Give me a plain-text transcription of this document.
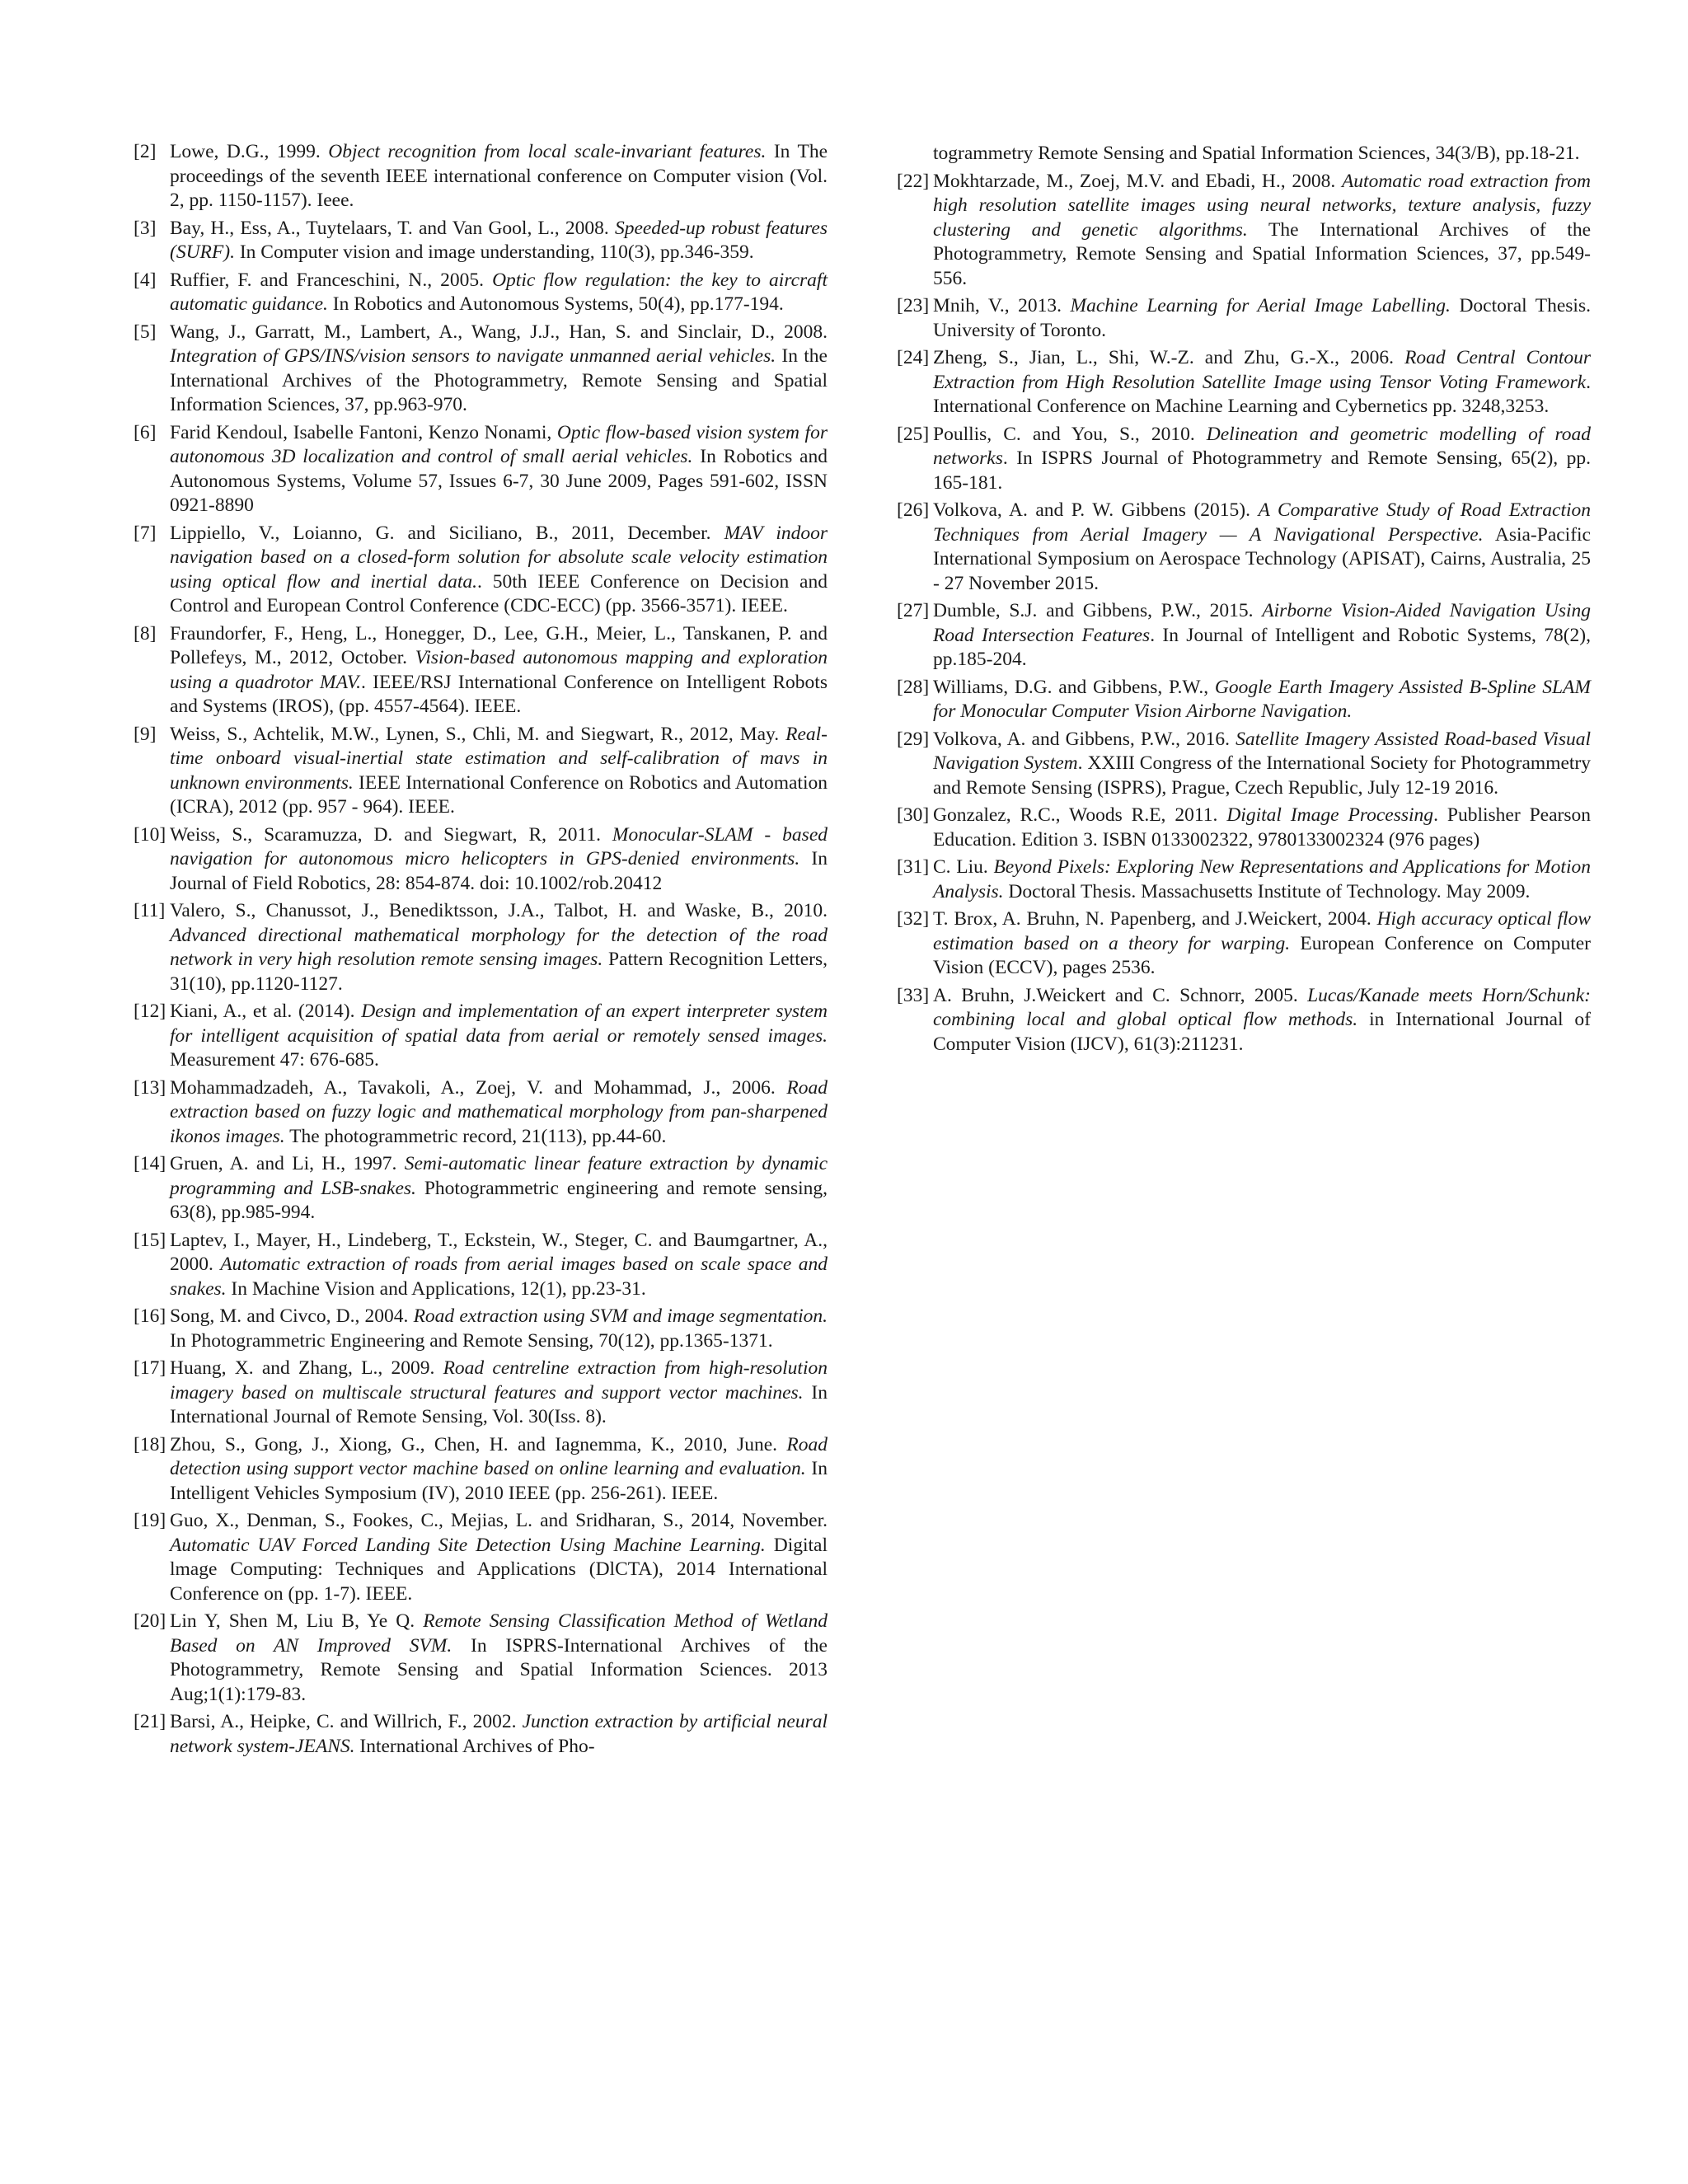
[2] Lowe, D.G., 1999. Object recognition from local scale-invariant features. In The proceedings of the seventh IEEE international conference on Computer vision (Vol. 2, pp. 1150-1157). Ieee.
[3] Bay, H., Ess, A., Tuytelaars, T. and Van Gool, L., 2008. Speeded-up robust features (SURF). In Computer vision and image understanding, 110(3), pp.346-359.
[4] Ruffier, F. and Franceschini, N., 2005. Optic flow regulation: the key to aircraft automatic guidance. In Robotics and Autonomous Systems, 50(4), pp.177-194.
[5] Wang, J., Garratt, M., Lambert, A., Wang, J.J., Han, S. and Sinclair, D., 2008. Integration of GPS/INS/vision sensors to navigate unmanned aerial vehicles. In the International Archives of the Photogrammetry, Remote Sensing and Spatial Information Sciences, 37, pp.963-970.
[6] Farid Kendoul, Isabelle Fantoni, Kenzo Nonami, Optic flow-based vision system for autonomous 3D localization and control of small aerial vehicles. In Robotics and Autonomous Systems, Volume 57, Issues 6-7, 30 June 2009, Pages 591-602, ISSN 0921-8890
[7] Lippiello, V., Loianno, G. and Siciliano, B., 2011, December. MAV indoor navigation based on a closed-form solution for absolute scale velocity estimation using optical flow and inertial data.. 50th IEEE Conference on Decision and Control and European Control Conference (CDC-ECC) (pp. 3566-3571). IEEE.
[8] Fraundorfer, F., Heng, L., Honegger, D., Lee, G.H., Meier, L., Tanskanen, P. and Pollefeys, M., 2012, October. Vision-based autonomous mapping and exploration using a quadrotor MAV.. IEEE/RSJ International Conference on Intelligent Robots and Systems (IROS), (pp. 4557-4564). IEEE.
[9] Weiss, S., Achtelik, M.W., Lynen, S., Chli, M. and Siegwart, R., 2012, May. Real-time onboard visual-inertial state estimation and self-calibration of mavs in unknown environments. IEEE International Conference on Robotics and Automation (ICRA), 2012 (pp. 957 - 964). IEEE.
[10] Weiss, S., Scaramuzza, D. and Siegwart, R, 2011. Monocular-SLAM - based navigation for autonomous micro helicopters in GPS-denied environments. In Journal of Field Robotics, 28: 854-874. doi: 10.1002/rob.20412
[11] Valero, S., Chanussot, J., Benediktsson, J.A., Talbot, H. and Waske, B., 2010. Advanced directional mathematical morphology for the detection of the road network in very high resolution remote sensing images. Pattern Recognition Letters, 31(10), pp.1120-1127.
[12] Kiani, A., et al. (2014). Design and implementation of an expert interpreter system for intelligent acquisition of spatial data from aerial or remotely sensed images. Measurement 47: 676-685.
[13] Mohammadzadeh, A., Tavakoli, A., Zoej, V. and Mohammad, J., 2006. Road extraction based on fuzzy logic and mathematical morphology from pan-sharpened ikonos images. The photogrammetric record, 21(113), pp.44-60.
[14] Gruen, A. and Li, H., 1997. Semi-automatic linear feature extraction by dynamic programming and LSB-snakes. Photogrammetric engineering and remote sensing, 63(8), pp.985-994.
[15] Laptev, I., Mayer, H., Lindeberg, T., Eckstein, W., Steger, C. and Baumgartner, A., 2000. Automatic extraction of roads from aerial images based on scale space and snakes. In Machine Vision and Applications, 12(1), pp.23-31.
[16] Song, M. and Civco, D., 2004. Road extraction using SVM and image segmentation. In Photogrammetric Engineering and Remote Sensing, 70(12), pp.1365-1371.
[17] Huang, X. and Zhang, L., 2009. Road centreline extraction from high-resolution imagery based on multiscale structural features and support vector machines. In International Journal of Remote Sensing, Vol. 30(Iss. 8).
[18] Zhou, S., Gong, J., Xiong, G., Chen, H. and Iagnemma, K., 2010, June. Road detection using support vector machine based on online learning and evaluation. In Intelligent Vehicles Symposium (IV), 2010 IEEE (pp. 256-261). IEEE.
[19] Guo, X., Denman, S., Fookes, C., Mejias, L. and Sridharan, S., 2014, November. Automatic UAV Forced Landing Site Detection Using Machine Learning. Digital lmage Computing: Techniques and Applications (DlCTA), 2014 International Conference on (pp. 1-7). IEEE.
[20] Lin Y, Shen M, Liu B, Ye Q. Remote Sensing Classification Method of Wetland Based on AN Improved SVM. In ISPRS-International Archives of the Photogrammetry, Remote Sensing and Spatial Information Sciences. 2013 Aug;1(1):179-83.
[21] Barsi, A., Heipke, C. and Willrich, F., 2002. Junction extraction by artificial neural network system-JEANS. International Archives of Pho-
togrammetry Remote Sensing and Spatial Information Sciences, 34(3/B), pp.18-21.
[22] Mokhtarzade, M., Zoej, M.V. and Ebadi, H., 2008. Automatic road extraction from high resolution satellite images using neural networks, texture analysis, fuzzy clustering and genetic algorithms. The International Archives of the Photogrammetry, Remote Sensing and Spatial Information Sciences, 37, pp.549-556.
[23] Mnih, V., 2013. Machine Learning for Aerial Image Labelling. Doctoral Thesis. University of Toronto.
[24] Zheng, S., Jian, L., Shi, W.-Z. and Zhu, G.-X., 2006. Road Central Contour Extraction from High Resolution Satellite Image using Tensor Voting Framework. International Conference on Machine Learning and Cybernetics pp. 3248,3253.
[25] Poullis, C. and You, S., 2010. Delineation and geometric modelling of road networks. In ISPRS Journal of Photogrammetry and Remote Sensing, 65(2), pp. 165-181.
[26] Volkova, A. and P. W. Gibbens (2015). A Comparative Study of Road Extraction Techniques from Aerial Imagery — A Navigational Perspective. Asia-Pacific International Symposium on Aerospace Technology (APISAT), Cairns, Australia, 25 - 27 November 2015.
[27] Dumble, S.J. and Gibbens, P.W., 2015. Airborne Vision-Aided Navigation Using Road Intersection Features. In Journal of Intelligent and Robotic Systems, 78(2), pp.185-204.
[28] Williams, D.G. and Gibbens, P.W., Google Earth Imagery Assisted B-Spline SLAM for Monocular Computer Vision Airborne Navigation.
[29] Volkova, A. and Gibbens, P.W., 2016. Satellite Imagery Assisted Road-based Visual Navigation System. XXIII Congress of the International Society for Photogrammetry and Remote Sensing (ISPRS), Prague, Czech Republic, July 12-19 2016.
[30] Gonzalez, R.C., Woods R.E, 2011. Digital Image Processing. Publisher Pearson Education. Edition 3. ISBN 0133002322, 9780133002324 (976 pages)
[31] C. Liu. Beyond Pixels: Exploring New Representations and Applications for Motion Analysis. Doctoral Thesis. Massachusetts Institute of Technology. May 2009.
[32] T. Brox, A. Bruhn, N. Papenberg, and J.Weickert, 2004. High accuracy optical flow estimation based on a theory for warping. European Conference on Computer Vision (ECCV), pages 2536.
[33] A. Bruhn, J.Weickert and C. Schnorr, 2005. Lucas/Kanade meets Horn/Schunk: combining local and global optical flow methods. in International Journal of Computer Vision (IJCV), 61(3):211231.
